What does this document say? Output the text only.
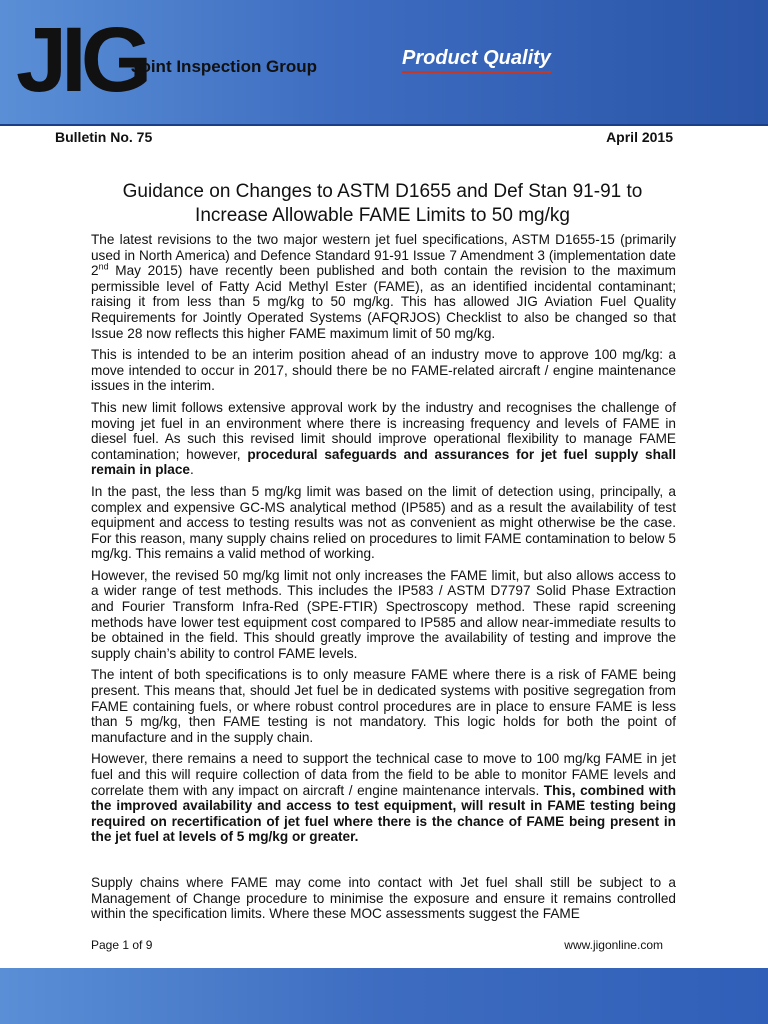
JIG
Joint Inspection Group	Product Quality
Bulletin No. 75	April 2015
Guidance on Changes to ASTM D1655 and Def Stan 91-91 to
Increase Allowable FAME Limits to 50 mg/kg

The latest revisions to the two major western jet fuel specifications, ASTM D1655-15 (primarily used in North America) and Defence Standard 91-91 Issue 7 Amendment 3 (implementation date 2nd May 2015) have recently been published and both contain the revision to the maximum permissible level of Fatty Acid Methyl Ester (FAME), as an identified incidental contaminant; raising it from less than 5 mg/kg to 50 mg/kg. This has allowed JIG Aviation Fuel Quality Requirements for Jointly Operated Systems (AFQRJOS) Checklist to also be changed so that Issue 28 now reflects this higher FAME maximum limit of 50 mg/kg.

This is intended to be an interim position ahead of an industry move to approve 100 mg/kg: a move intended to occur in 2017, should there be no FAME-related aircraft / engine maintenance issues in the interim.

This new limit follows extensive approval work by the industry and recognises the challenge of moving jet fuel in an environment where there is increasing frequency and levels of FAME in diesel fuel. As such this revised limit should improve operational flexibility to manage FAME contamination; however, procedural safeguards and assurances for jet fuel supply shall remain in place.

In the past, the less than 5 mg/kg limit was based on the limit of detection using, principally, a complex and expensive GC-MS analytical method (IP585) and as a result the availability of test equipment and access to testing results was not as convenient as might otherwise be the case. For this reason, many supply chains relied on procedures to limit FAME contamination to below 5 mg/kg. This remains a valid method of working.

However, the revised 50 mg/kg limit not only increases the FAME limit, but also allows access to a wider range of test methods. This includes the IP583 / ASTM D7797 Solid Phase Extraction and Fourier Transform Infra-Red (SPE-FTIR) Spectroscopy method. These rapid screening methods have lower test equipment cost compared to IP585 and allow near-immediate results to be obtained in the field. This should greatly improve the availability of testing and improve the supply chain’s ability to control FAME levels.

The intent of both specifications is to only measure FAME where there is a risk of FAME being present. This means that, should Jet fuel be in dedicated systems with positive segregation from FAME containing fuels, or where robust control procedures are in place to ensure FAME is less than 5 mg/kg, then FAME testing is not mandatory. This logic holds for both the point of manufacture and in the supply chain.

However, there remains a need to support the technical case to move to 100 mg/kg FAME in jet fuel and this will require collection of data from the field to be able to monitor FAME levels and correlate them with any impact on aircraft / engine maintenance intervals. This, combined with the improved availability and access to test equipment, will result in FAME testing being required on recertification of jet fuel where there is the chance of FAME being present in the jet fuel at levels of 5 mg/kg or greater.

Supply chains where FAME may come into contact with Jet fuel shall still be subject to a Management of Change procedure to minimise the exposure and ensure it remains controlled within the specification limits. Where these MOC assessments suggest the FAME

Page 1 of 9	www.jigonline.com
